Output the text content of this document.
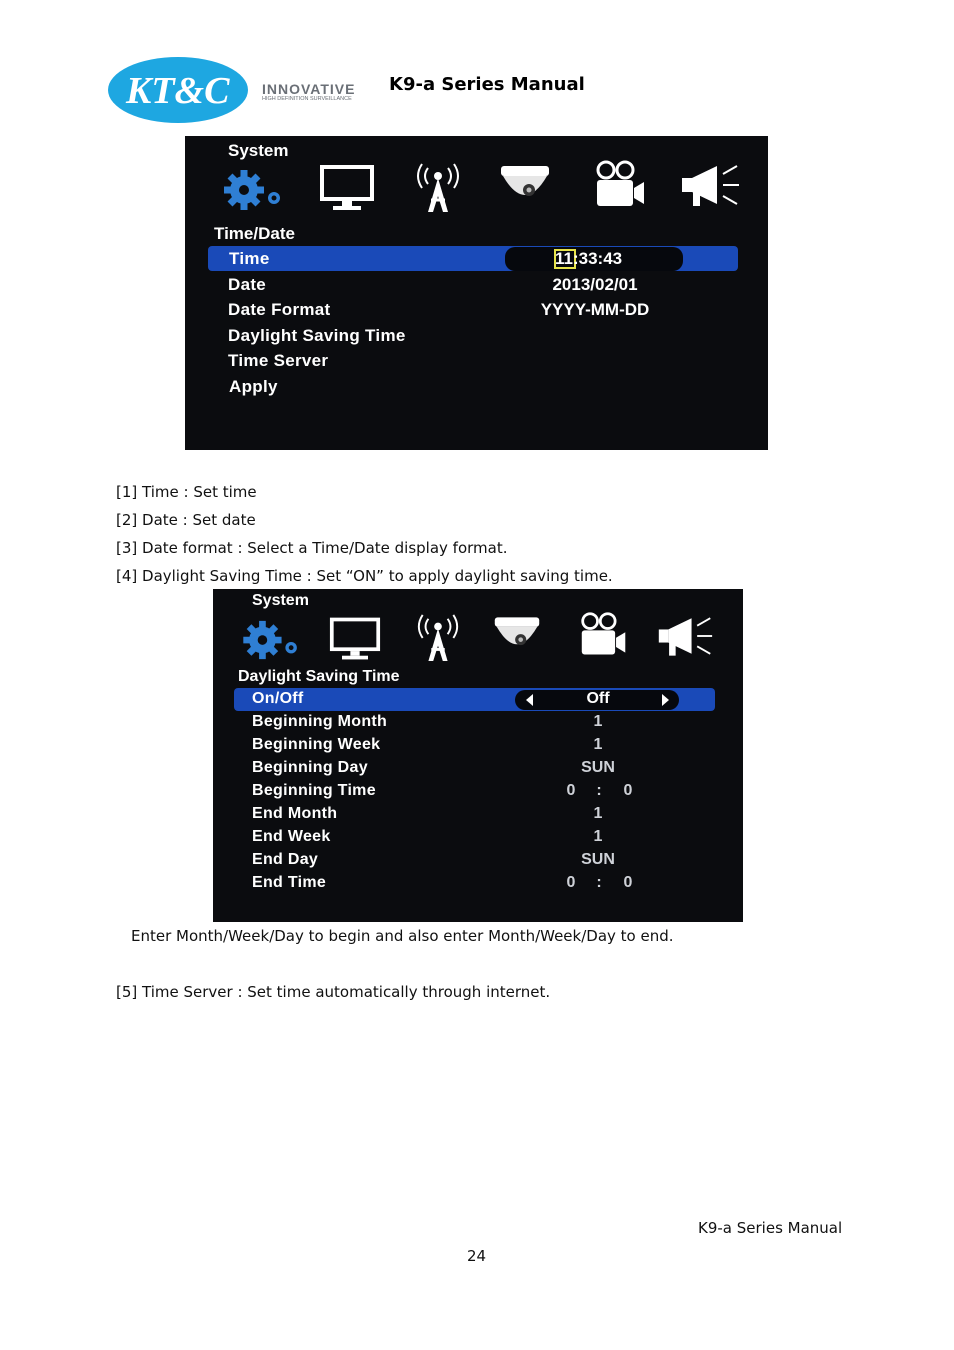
KT&C INNOVATIVE
HIGH DEFINITION SURVEILLANCE
K9-a Series Manual
System
Time/Date
Time	11:33:43
Date	2013/02/01
Date Format	YYYY-MM-DD
Daylight Saving Time
Time Server
Apply
[1] Time : Set time
[2] Date : Set date
[3] Date format : Select a Time/Date display format.
[4] Daylight Saving Time : Set “ON” to apply daylight saving time.
System
Daylight Saving Time
On/Off	Off
Beginning Month	1
Beginning Week	1
Beginning Day	SUN
Beginning Time	0 : 0
End Month	1
End Week	1
End Day	SUN
End Time	0 : 0
Enter Month/Week/Day to begin and also enter Month/Week/Day to end.
[5] Time Server : Set time automatically through internet.
K9-a Series Manual
24
